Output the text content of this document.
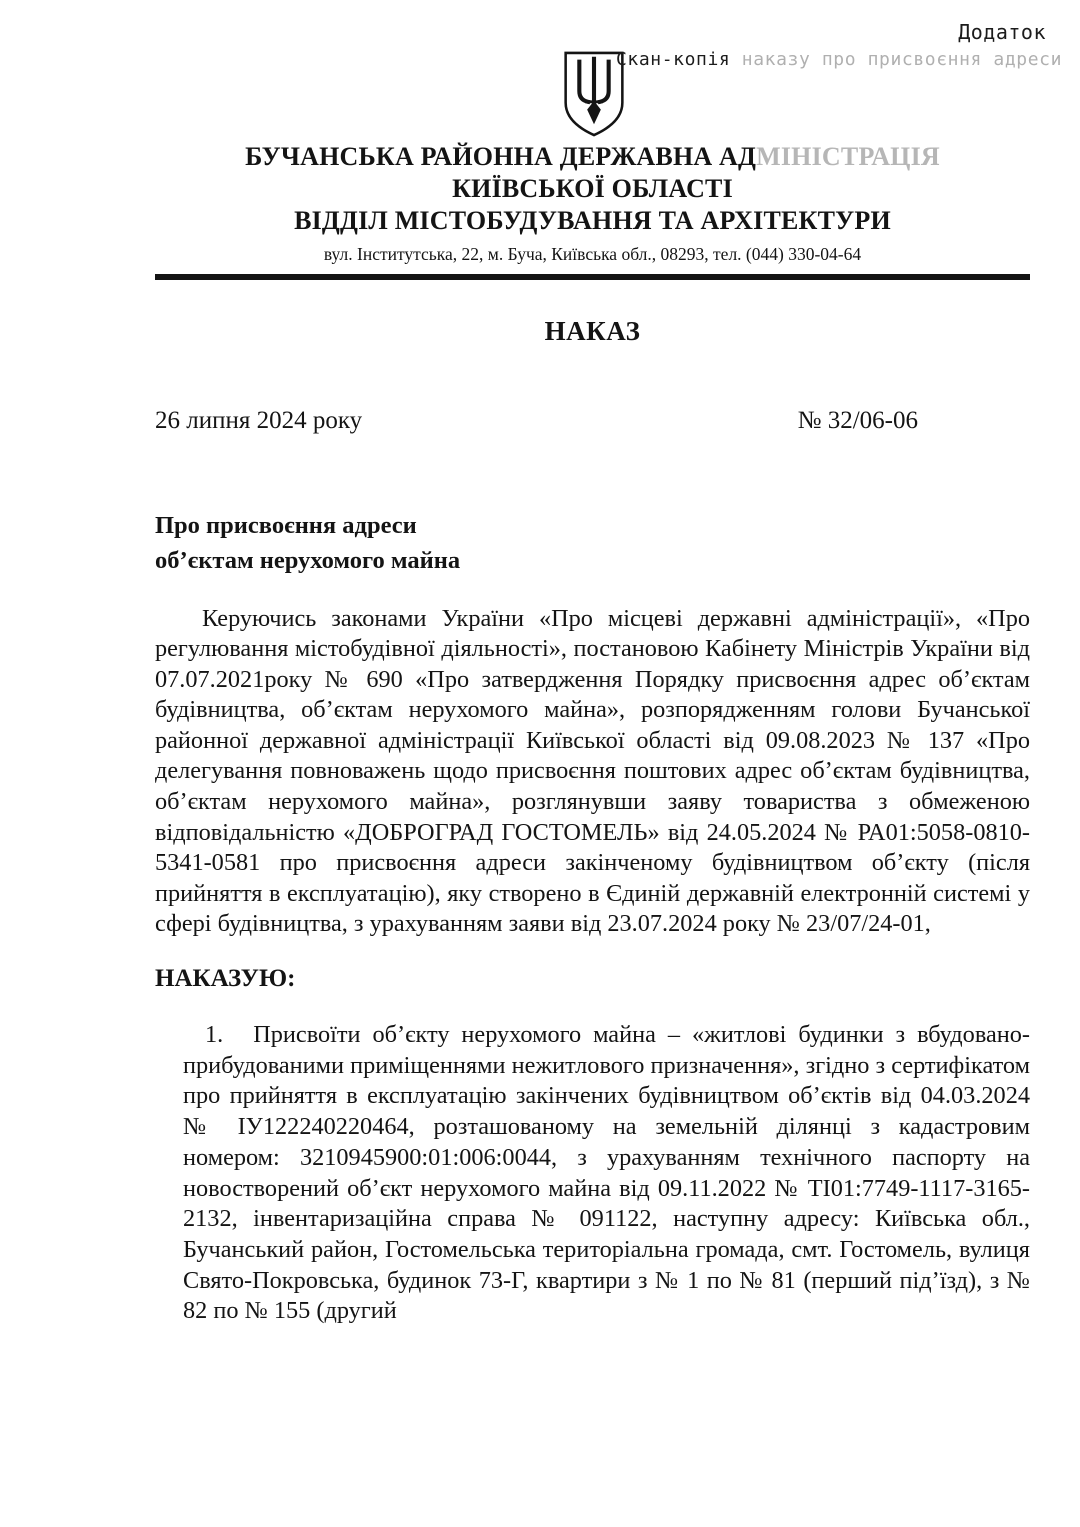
Додаток
Скан-копія наказу про присвоєння адреси
БУЧАНСЬКА РАЙОННА ДЕРЖАВНА АДМІНІСТРАЦІЯ
КИЇВСЬКОЇ ОБЛАСТІ
ВІДДІЛ МІСТОБУДУВАННЯ ТА АРХІТЕКТУРИ
вул. Інститутська, 22, м. Буча, Київська обл., 08293, тел. (044) 330-04-64
НАКАЗ
26 липня 2024 року	№ 32/06-06
Про присвоєння адреси
об’єктам нерухомого майна

Керуючись законами України «Про місцеві державні адміністрації», «Про регулювання містобудівної діяльності», постановою Кабінету Міністрів України від 07.07.2021року № 690 «Про затвердження Порядку присвоєння адрес об’єктам будівництва, об’єктам нерухомого майна», розпорядженням голови Бучанської районної державної адміністрації Київської області від 09.08.2023 № 137 «Про делегування повноважень щодо присвоєння поштових адрес об’єктам будівництва, об’єктам нерухомого майна», розглянувши заяву товариства з обмеженою відповідальністю «ДОБРОГРАД ГОСТОМЕЛЬ» від 24.05.2024 № РА01:5058-0810-5341-0581 про присвоєння адреси закінченому будівництвом об’єкту (після прийняття в експлуатацію), яку створено в Єдиній державній електронній системі у сфері будівництва, з урахуванням заяви від 23.07.2024 року № 23/07/24-01,

НАКАЗУЮ:

1. Присвоїти об’єкту нерухомого майна – «житлові будинки з вбудовано-прибудованими приміщеннями нежитлового призначення», згідно з сертифікатом про прийняття в експлуатацію закінчених будівництвом об’єктів від 04.03.2024 № ІУ122240220464, розташованому на земельній ділянці з кадастровим номером: 3210945900:01:006:0044, з урахуванням технічного паспорту на новостворений об’єкт нерухомого майна від 09.11.2022 № ТІ01:7749-1117-3165-2132, інвентаризаційна справа № 091122, наступну адресу: Київська обл., Бучанський район, Гостомельська територіальна громада, смт. Гостомель, вулиця Свято-Покровська, будинок 73-Г, квартири з № 1 по № 81 (перший під’їзд), з № 82 по № 155 (другий
